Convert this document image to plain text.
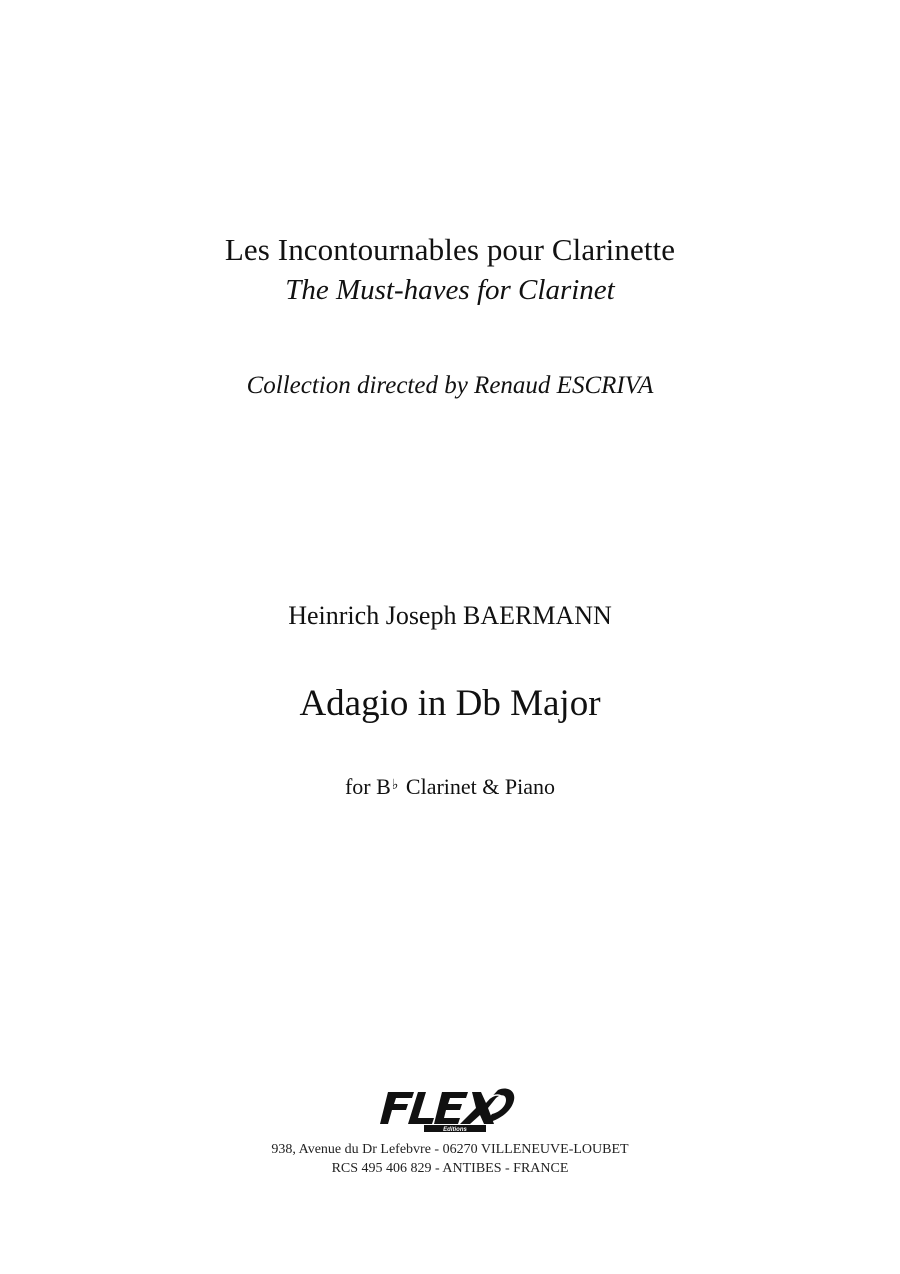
Les Incontournables pour Clarinette
The Must-haves for Clarinet
Collection directed by Renaud ESCRIVA
Heinrich Joseph BAERMANN
Adagio in Db Major
for B♭ Clarinet & Piano
Editions
938, Avenue du Dr Lefebvre - 06270 VILLENEUVE-LOUBET
RCS 495 406 829 - ANTIBES - FRANCE
